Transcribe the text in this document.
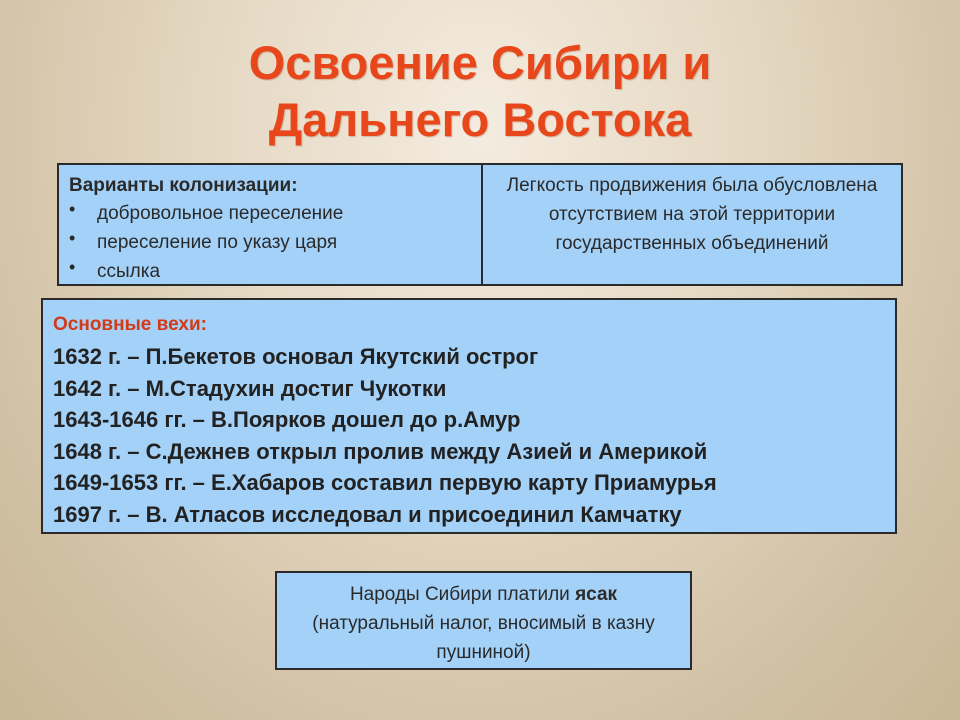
Освоение Сибири и
Дальнего Востока
Варианты колонизации:
• добровольное переселение
• переселение по указу царя
• ссылка
Легкость продвижения была обусловлена отсутствием на этой территории государственных объединений
Основные вехи:
1632 г. – П.Бекетов основал Якутский острог
1642 г. – М.Стадухин достиг Чукотки
1643-1646 гг. – В.Поярков дошел до р.Амур
1648 г. – С.Дежнев открыл пролив между Азией и Америкой
1649-1653 гг. – Е.Хабаров составил первую карту Приамурья
1697 г. – В. Атласов исследовал и присоединил Камчатку
Народы Сибири платили ясак
(натуральный налог, вносимый в казну пушниной)
